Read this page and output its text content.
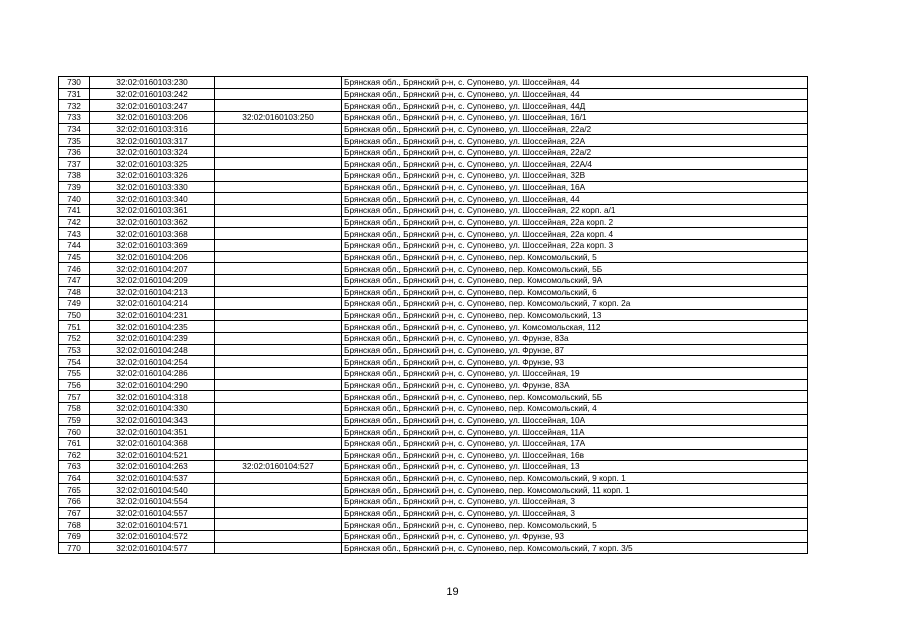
730	32:02:0160103:230		Брянская обл., Брянский р-н, с. Супонево, ул. Шоссейная, 44
731	32:02:0160103:242		Брянская обл., Брянский р-н, с. Супонево, ул. Шоссейная, 44
732	32:02:0160103:247		Брянская обл., Брянский р-н, с. Супонево, ул. Шоссейная, 44Д
733	32:02:0160103:206	32:02:0160103:250	Брянская обл., Брянский р-н, с. Супонево, ул. Шоссейная, 16/1
734	32:02:0160103:316		Брянская обл., Брянский р-н, с. Супонево, ул. Шоссейная, 22а/2
735	32:02:0160103:317		Брянская обл., Брянский р-н, с. Супонево, ул. Шоссейная, 22А
736	32:02:0160103:324		Брянская обл., Брянский р-н, с. Супонево, ул. Шоссейная, 22а/2
737	32:02:0160103:325		Брянская обл., Брянский р-н, с. Супонево, ул. Шоссейная, 22А/4
738	32:02:0160103:326		Брянская обл., Брянский р-н, с. Супонево, ул. Шоссейная, 32В
739	32:02:0160103:330		Брянская обл., Брянский р-н, с. Супонево, ул. Шоссейная, 16А
740	32:02:0160103:340		Брянская обл., Брянский р-н, с. Супонево, ул. Шоссейная, 44
741	32:02:0160103:361		Брянская обл., Брянский р-н, с. Супонево, ул. Шоссейная, 22 корп. а/1
742	32:02:0160103:362		Брянская обл., Брянский р-н, с. Супонево, ул. Шоссейная, 22а корп. 2
743	32:02:0160103:368		Брянская обл., Брянский р-н, с. Супонево, ул. Шоссейная, 22а корп. 4
744	32:02:0160103:369		Брянская обл., Брянский р-н, с. Супонево, ул. Шоссейная, 22а корп. 3
745	32:02:0160104:206		Брянская обл., Брянский р-н, с. Супонево, пер. Комсомольский, 5
746	32:02:0160104:207		Брянская обл., Брянский р-н, с. Супонево, пер. Комсомольский, 5Б
747	32:02:0160104:209		Брянская обл., Брянский р-н, с. Супонево, пер. Комсомольский, 9А
748	32:02:0160104:213		Брянская обл., Брянский р-н, с. Супонево, пер. Комсомольский, 6
749	32:02:0160104:214		Брянская обл., Брянский р-н, с. Супонево, пер. Комсомольский, 7 корп. 2а
750	32:02:0160104:231		Брянская обл., Брянский р-н, с. Супонево, пер. Комсомольский, 13
751	32:02:0160104:235		Брянская обл., Брянский р-н, с. Супонево, ул. Комсомольская, 112
752	32:02:0160104:239		Брянская обл., Брянский р-н, с. Супонево, ул. Фрунзе, 83а
753	32:02:0160104:248		Брянская обл., Брянский р-н, с. Супонево, ул. Фрунзе, 87
754	32:02:0160104:254		Брянская обл., Брянский р-н, с. Супонево, ул. Фрунзе, 93
755	32:02:0160104:286		Брянская обл., Брянский р-н, с. Супонево, ул. Шоссейная, 19
756	32:02:0160104:290		Брянская обл., Брянский р-н, с. Супонево, ул. Фрунзе, 83А
757	32:02:0160104:318		Брянская обл., Брянский р-н, с. Супонево, пер. Комсомольский, 5Б
758	32:02:0160104:330		Брянская обл., Брянский р-н, с. Супонево, пер. Комсомольский, 4
759	32:02:0160104:343		Брянская обл., Брянский р-н, с. Супонево, ул. Шоссейная, 10А
760	32:02:0160104:351		Брянская обл., Брянский р-н, с. Супонево, ул. Шоссейная, 11А
761	32:02:0160104:368		Брянская обл., Брянский р-н, с. Супонево, ул. Шоссейная, 17А
762	32:02:0160104:521		Брянская обл., Брянский р-н, с. Супонево, ул. Шоссейная, 16в
763	32:02:0160104:263	32:02:0160104:527	Брянская обл., Брянский р-н, с. Супонево, ул. Шоссейная, 13
764	32:02:0160104:537		Брянская обл., Брянский р-н, с. Супонево, пер. Комсомольский, 9 корп. 1
765	32:02:0160104:540		Брянская обл., Брянский р-н, с. Супонево, пер. Комсомольский, 11 корп. 1
766	32:02:0160104:554		Брянская обл., Брянский р-н, с. Супонево, ул. Шоссейная, 3
767	32:02:0160104:557		Брянская обл., Брянский р-н, с. Супонево, ул. Шоссейная, 3
768	32:02:0160104:571		Брянская обл., Брянский р-н, с. Супонево, пер. Комсомольский, 5
769	32:02:0160104:572		Брянская обл., Брянский р-н, с. Супонево, ул. Фрунзе, 93
770	32:02:0160104:577		Брянская обл., Брянский р-н, с. Супонево, пер. Комсомольский, 7 корп. 3/5
19
